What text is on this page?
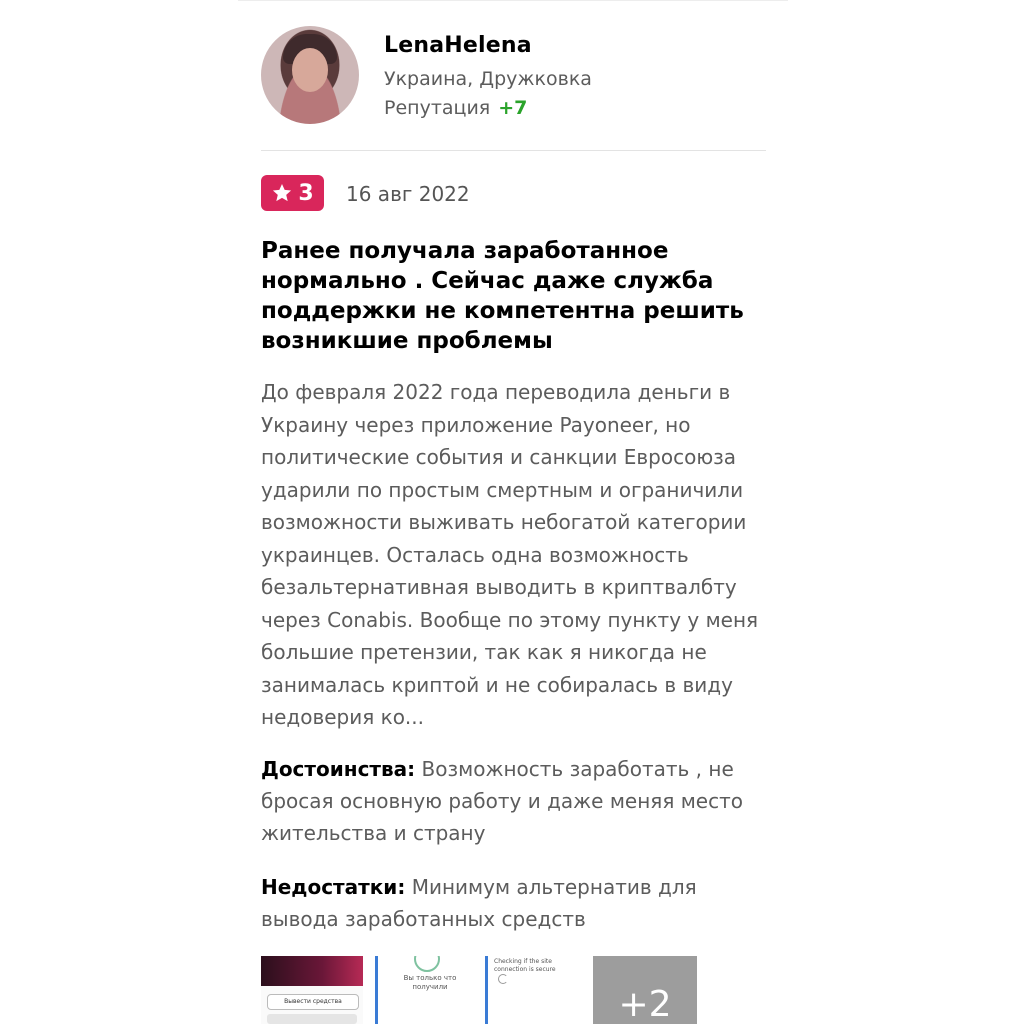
LenaHelena
Украина, Дружковка
Репутация +7
3 16 авг 2022
Ранее получала заработанное нормально . Сейчас даже служба поддержки не компетентна решить возникшие проблемы
До февраля 2022 года переводила деньги в Украину через приложение Payoneer, но политические события и санкции Евросоюза ударили по простым смертным и ограничили возможности выживать небогатой категории украинцев. Осталась одна возможность безальтернативная выводить в криптвалбту через Conabis. Вообще по этому пункту у меня большие претензии, так как я никогда не занималась криптой и не собиралась в виду недоверия ко...
Достоинства: Возможность заработать , не бросая основную работу и даже меняя место жительства и страну
Недостатки: Минимум альтернатив для вывода заработанных средств
Вывести средства
Вы только что получили
Checking if the site connection is secure
+2
